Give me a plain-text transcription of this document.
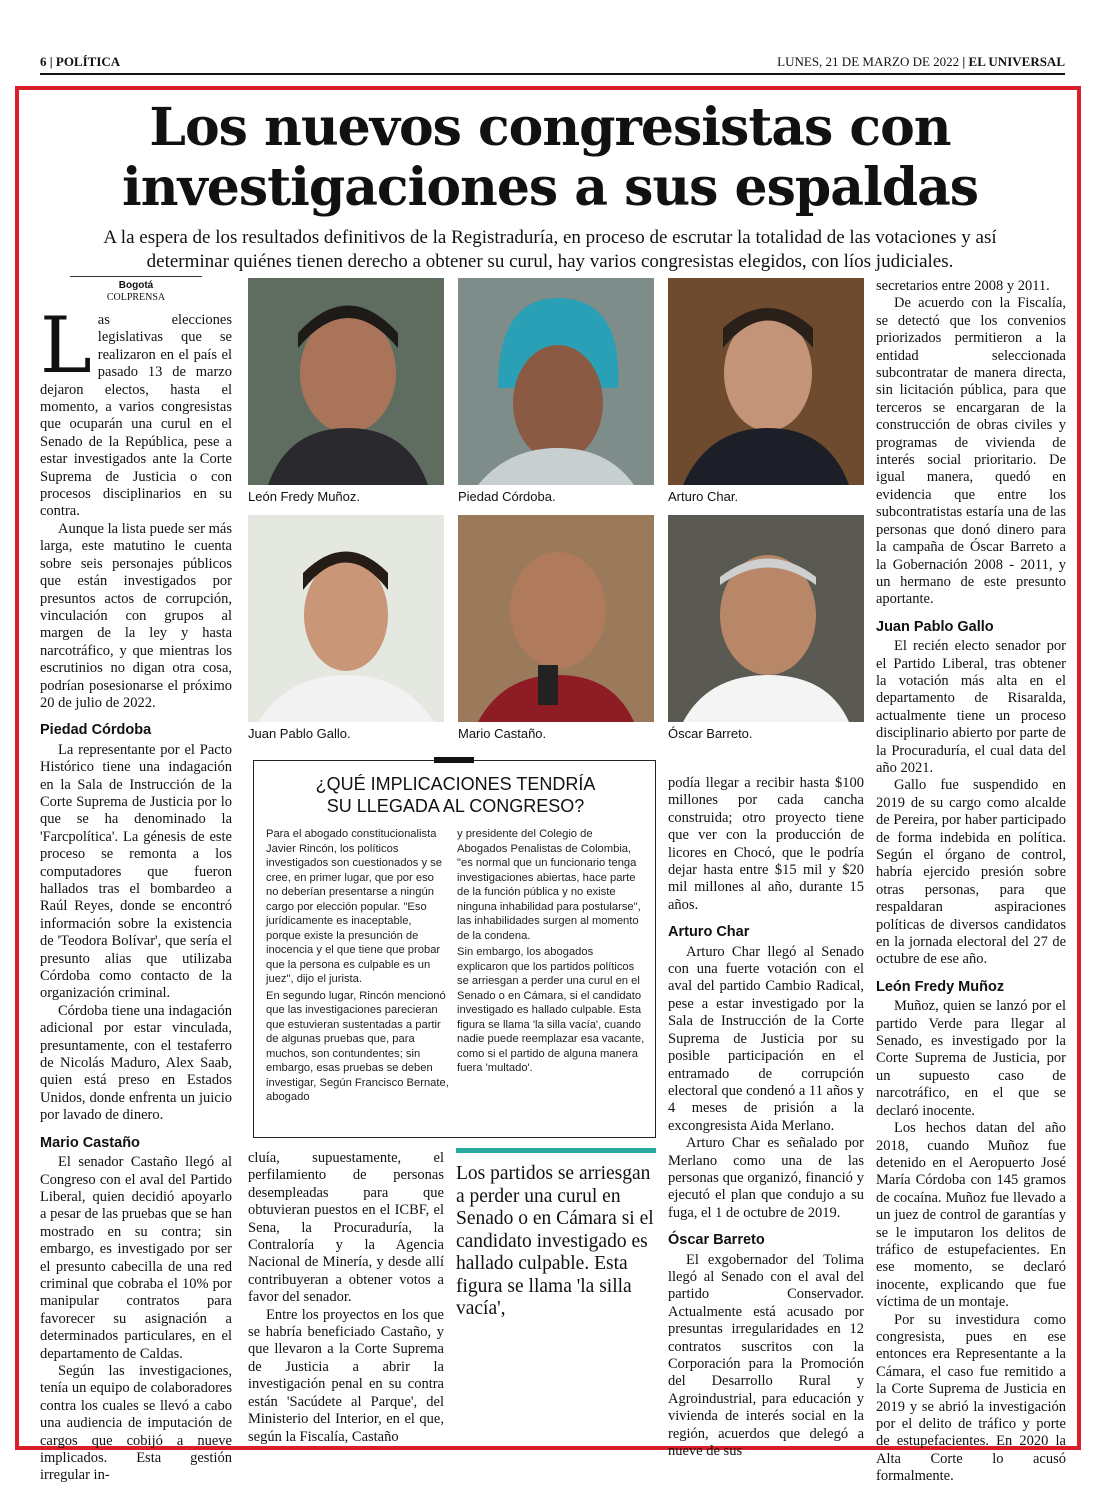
6 | POLÍTICA	LUNES, 21 DE MARZO DE 2022 | EL UNIVERSAL
Los nuevos congresistas con
investigaciones a sus espaldas
A la espera de los resultados definitivos de la Registraduría, en proceso de escrutar la totalidad de las votaciones y así determinar quiénes tienen derecho a obtener su curul, hay varios congresistas elegidos, con líos judiciales.
Bogotá
COLPRENSA

Las elecciones legislativas que se realizaron en el país el pasado 13 de marzo dejaron electos, hasta el momento, a varios congresistas que ocuparán una curul en el Senado de la República, pese a estar investigados ante la Corte Suprema de Justicia o con procesos disciplinarios en su contra.

Aunque la lista puede ser más larga, este matutino le cuenta sobre seis personajes públicos que están investigados por presuntos actos de corrupción, vinculación con grupos al margen de la ley y hasta narcotráfico, y que mientras los escrutinios no digan otra cosa, podrían posesionarse el próximo 20 de julio de 2022.

Piedad Córdoba

La representante por el Pacto Histórico tiene una indagación en la Sala de Instrucción de la Corte Suprema de Justicia por lo que se ha denominado la 'Farcpolítica'. La génesis de este proceso se remonta a los computadores que fueron hallados tras el bombardeo a Raúl Reyes, donde se encontró información sobre la existencia de 'Teodora Bolívar', que sería el presunto alias que utilizaba Córdoba como contacto de la organización criminal.

Córdoba tiene una indagación adicional por estar vinculada, presuntamente, con el testaferro de Nicolás Maduro, Alex Saab, quien está preso en Estados Unidos, donde enfrenta un juicio por lavado de dinero.

Mario Castaño

El senador Castaño llegó al Congreso con el aval del Partido Liberal, quien decidió apoyarlo a pesar de las pruebas que se han mostrado en su contra; sin embargo, es investigado por ser el presunto cabecilla de una red criminal que cobraba el 10% por manipular contratos para favorecer su asignación a determinados particulares, en el departamento de Caldas.

Según las investigaciones, tenía un equipo de colaboradores contra los cuales se llevó a cabo una audiencia de imputación de cargos que cobijó a nueve implicados. Esta gestión irregular in-

León Fredy Muñoz.	Piedad Córdoba.	Arturo Char.
Juan Pablo Gallo.	Mario Castaño.	Óscar Barreto.
¿QUÉ IMPLICACIONES TENDRÍA
SU LLEGADA AL CONGRESO?
Para el abogado constitucionalista Javier Rincón, los políticos investigados son cuestionados y se cree, en primer lugar, que por eso no deberían presentarse a ningún cargo por elección popular. "Eso jurídicamente es inaceptable, porque existe la presunción de inocencia y el que tiene que probar que la persona es culpable es un juez", dijo el jurista.
En segundo lugar, Rincón mencionó que las investigaciones parecieran que estuvieran sustentadas a partir de algunas pruebas que, para muchos, son contundentes; sin embargo, esas pruebas se deben investigar, Según Francisco Bernate, abogado
y presidente del Colegio de Abogados Penalistas de Colombia, "es normal que un funcionario tenga investigaciones abiertas, hace parte de la función pública y no existe ninguna inhabilidad para postularse", las inhabilidades surgen al momento de la condena.
Sin embargo, los abogados explicaron que los partidos políticos se arriesgan a perder una curul en el Senado o en Cámara, si el candidato investigado es hallado culpable. Esta figura se llama 'la silla vacía', cuando nadie puede reemplazar esa vacante, como si el partido de alguna manera fuera 'multado'.

cluía, supuestamente, el perfilamiento de personas desempleadas para que obtuvieran puestos en el ICBF, el Sena, la Procuraduría, la Contraloría y la Agencia Nacional de Minería, y desde allí contribuyeran a obtener votos a favor del senador.

Entre los proyectos en los que se habría beneficiado Castaño, y que llevaron a la Corte Suprema de Justicia a abrir la investigación penal en su contra están 'Sacúdete al Parque', del Ministerio del Interior, en el que, según la Fiscalía, Castaño

Los partidos se arriesgan a perder una curul en Senado o en Cámara si el candidato investigado es hallado culpable. Esta figura se llama 'la silla vacía',

podía llegar a recibir hasta $100 millones por cada cancha construida; otro proyecto tiene que ver con la producción de licores en Chocó, que le podría dejar hasta entre $15 mil y $20 mil millones al año, durante 15 años.

Arturo Char

Arturo Char llegó al Senado con una fuerte votación con el aval del partido Cambio Radical, pese a estar investigado por la Sala de Instrucción de la Corte Suprema de Justicia por su posible participación en el entramado de corrupción electoral que condenó a 11 años y 4 meses de prisión a la excongresista Aida Merlano.

Arturo Char es señalado por Merlano como una de las personas que organizó, financió y ejecutó el plan que condujo a su fuga, el 1 de octubre de 2019.

Óscar Barreto

El exgobernador del Tolima llegó al Senado con el aval del partido Conservador. Actualmente está acusado por presuntas irregularidades en 12 contratos suscritos con la Corporación para la Promoción del Desarrollo Rural y Agroindustrial, para educación y vivienda de interés social en la región, acuerdos que delegó a nueve de sus

secretarios entre 2008 y 2011.

De acuerdo con la Fiscalía, se detectó que los convenios priorizados permitieron a la entidad seleccionada subcontratar de manera directa, sin licitación pública, para que terceros se encargaran de la construcción de obras civiles y programas de vivienda de interés social prioritario. De igual manera, quedó en evidencia que entre los subcontratistas estaría una de las personas que donó dinero para la campaña de Óscar Barreto a la Gobernación 2008 - 2011, y un hermano de este presunto aportante.

Juan Pablo Gallo

El recién electo senador por el Partido Liberal, tras obtener la votación más alta en el departamento de Risaralda, actualmente tiene un proceso disciplinario abierto por parte de la Procuraduría, el cual data del año 2021.

Gallo fue suspendido en 2019 de su cargo como alcalde de Pereira, por haber participado de forma indebida en política. Según el órgano de control, habría ejercido presión sobre otras personas, para que respaldaran aspiraciones políticas de diversos candidatos en la jornada electoral del 27 de octubre de ese año.

León Fredy Muñoz

Muñoz, quien se lanzó por el partido Verde para llegar al Senado, es investigado por la Corte Suprema de Justicia, por un supuesto caso de narcotráfico, en el que se declaró inocente.

Los hechos datan del año 2018, cuando Muñoz fue detenido en el Aeropuerto José María Córdoba con 145 gramos de cocaína. Muñoz fue llevado a un juez de control de garantías y se le imputaron los delitos de tráfico de estupefacientes. En ese momento, se declaró inocente, explicando que fue víctima de un montaje.

Por su investidura como congresista, pues en ese entonces era Representante a la Cámara, el caso fue remitido a la Corte Suprema de Justicia en 2019 y se abrió la investigación por el delito de tráfico y porte de estupefacientes. En 2020 la Alta Corte lo acusó formalmente.
